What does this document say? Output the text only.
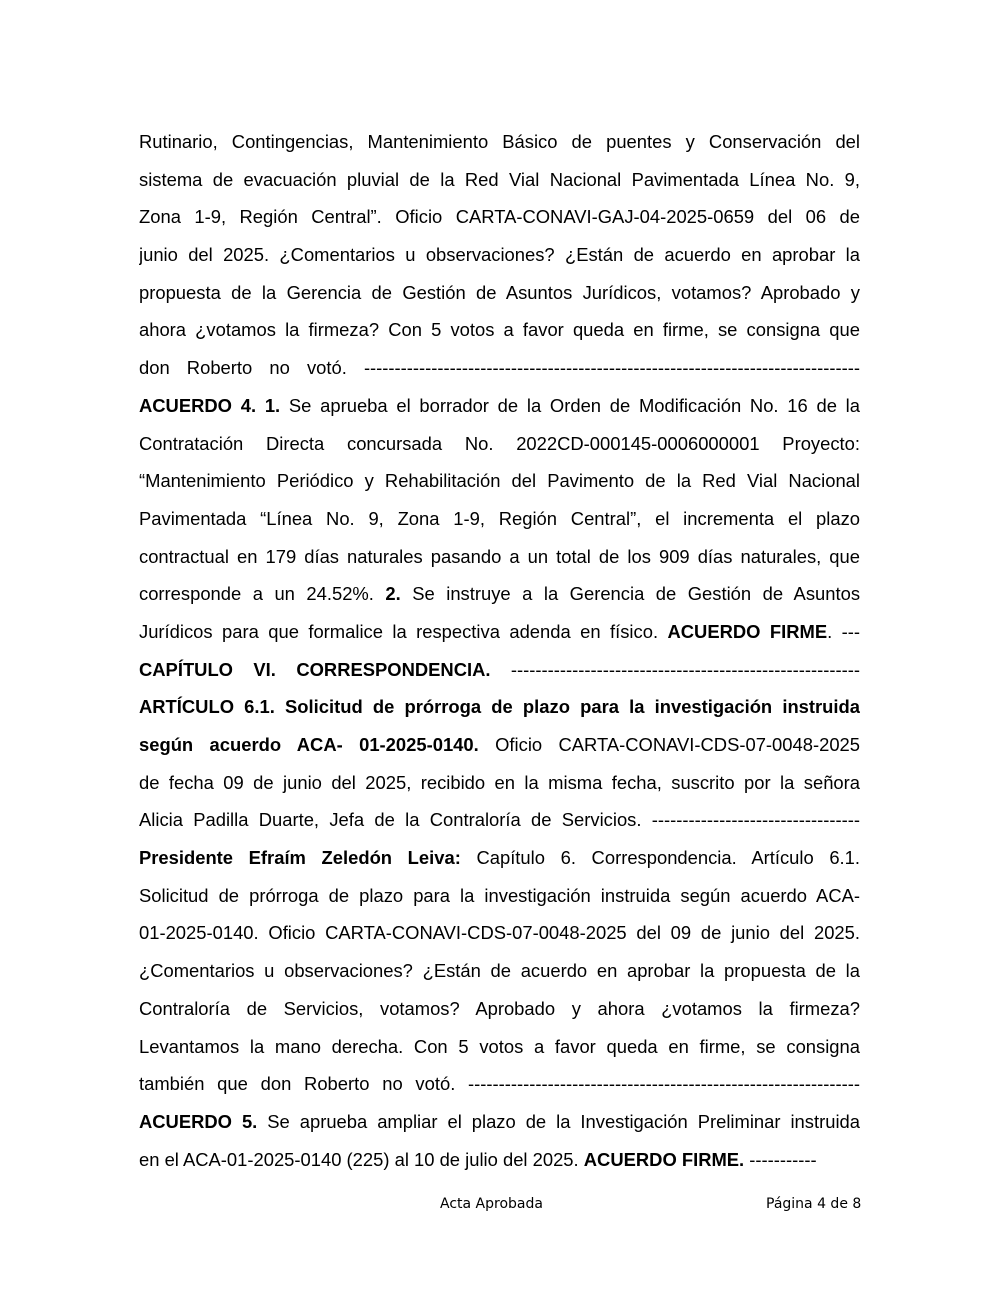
Rutinario, Contingencias, Mantenimiento Básico de puentes y Conservación del
sistema de evacuación pluvial de la Red Vial Nacional Pavimentada Línea No. 9,
Zona 1-9, Región Central”. Oficio CARTA-CONAVI-GAJ-04-2025-0659 del 06 de
junio del 2025. ¿Comentarios u observaciones? ¿Están de acuerdo en aprobar la
propuesta de la Gerencia de Gestión de Asuntos Jurídicos, votamos? Aprobado y
ahora ¿votamos la firmeza? Con 5 votos a favor queda en firme, se consigna que
don Roberto no votó. ---------------------------------------------------------------------------------
ACUERDO 4. 1. Se aprueba el borrador de la Orden de Modificación No. 16 de la
Contratación Directa concursada No. 2022CD-000145-0006000001 Proyecto:
“Mantenimiento Periódico y Rehabilitación del Pavimento de la Red Vial Nacional
Pavimentada “Línea No. 9, Zona 1-9, Región Central”, el incrementa el plazo
contractual en 179 días naturales pasando a un total de los 909 días naturales, que
corresponde a un 24.52%. 2. Se instruye a la Gerencia de Gestión de Asuntos
Jurídicos para que formalice la respectiva adenda en físico. ACUERDO FIRME. ---
CAPÍTULO VI. CORRESPONDENCIA. ---------------------------------------------------------
ARTÍCULO 6.1. Solicitud de prórroga de plazo para la investigación instruida
según acuerdo ACA- 01-2025-0140. Oficio CARTA-CONAVI-CDS-07-0048-2025
de fecha 09 de junio del 2025, recibido en la misma fecha, suscrito por la señora
Alicia Padilla Duarte, Jefa de la Contraloría de Servicios. ----------------------------------
Presidente Efraím Zeledón Leiva: Capítulo 6. Correspondencia. Artículo 6.1.
Solicitud de prórroga de plazo para la investigación instruida según acuerdo ACA-
01-2025-0140. Oficio CARTA-CONAVI-CDS-07-0048-2025 del 09 de junio del 2025.
¿Comentarios u observaciones? ¿Están de acuerdo en aprobar la propuesta de la
Contraloría de Servicios, votamos? Aprobado y ahora ¿votamos la firmeza?
Levantamos la mano derecha. Con 5 votos a favor queda en firme, se consigna
también que don Roberto no votó. ----------------------------------------------------------------
ACUERDO 5. Se aprueba ampliar el plazo de la Investigación Preliminar instruida
en el ACA-01-2025-0140 (225) al 10 de julio del 2025. ACUERDO FIRME. -----------
Acta Aprobada	Página 4 de 8
